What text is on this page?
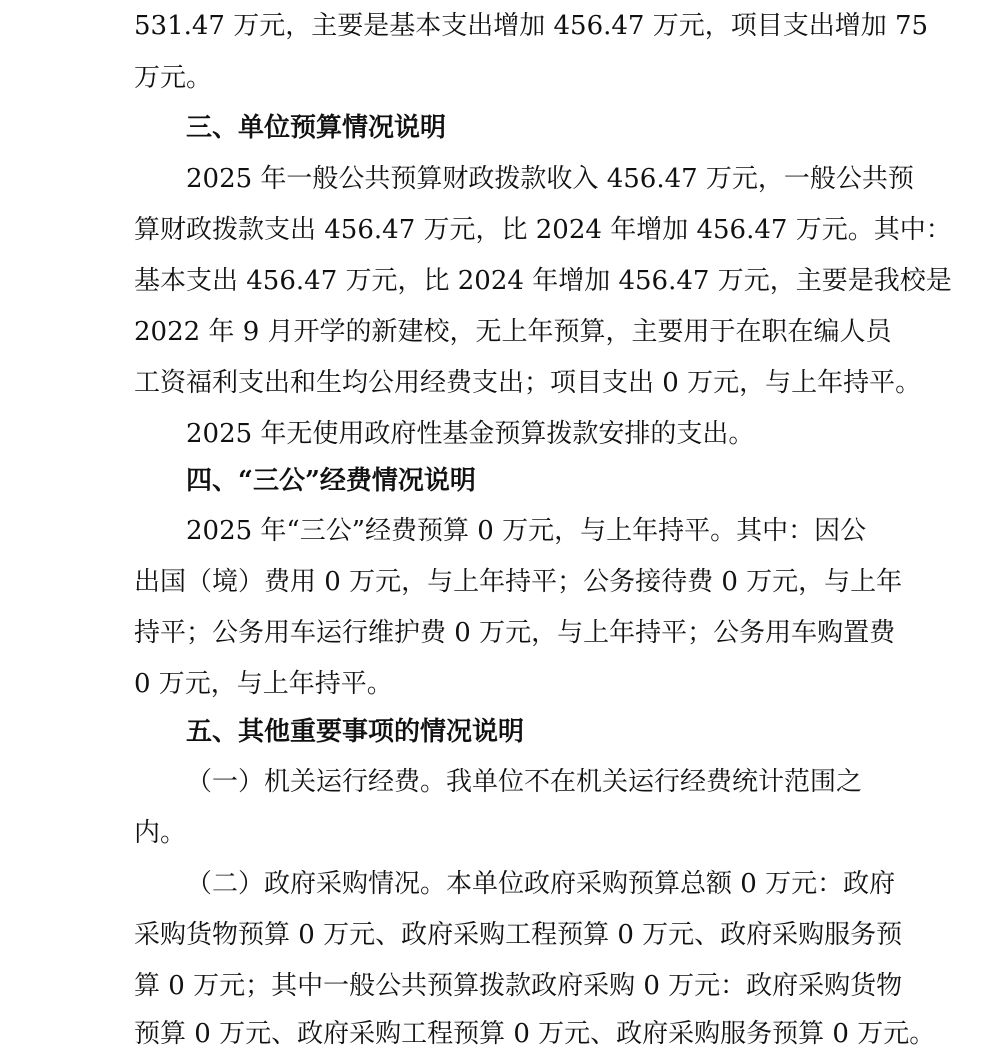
531.47 万元，主要是基本支出增加 456.47 万元，项目支出增加 75
万元。
三、单位预算情况说明
2025 年一般公共预算财政拨款收入 456.47 万元，一般公共预
算财政拨款支出 456.47 万元，比 2024 年增加 456.47 万元。其中：
基本支出 456.47 万元，比 2024 年增加 456.47 万元，主要是我校是
2022 年 9 月开学的新建校，无上年预算，主要用于在职在编人员
工资福利支出和生均公用经费支出；项目支出 0 万元，与上年持平。
2025 年无使用政府性基金预算拨款安排的支出。
四、“三公”经费情况说明
2025 年“三公”经费预算 0 万元，与上年持平。其中：因公
出国（境）费用 0 万元，与上年持平；公务接待费 0 万元，与上年
持平；公务用车运行维护费 0 万元，与上年持平；公务用车购置费
0 万元，与上年持平。
五、其他重要事项的情况说明
（一）机关运行经费。我单位不在机关运行经费统计范围之
内。
（二）政府采购情况。本单位政府采购预算总额 0 万元：政府
采购货物预算 0 万元、政府采购工程预算 0 万元、政府采购服务预
算 0 万元；其中一般公共预算拨款政府采购 0 万元：政府采购货物
预算 0 万元、政府采购工程预算 0 万元、政府采购服务预算 0 万元。
